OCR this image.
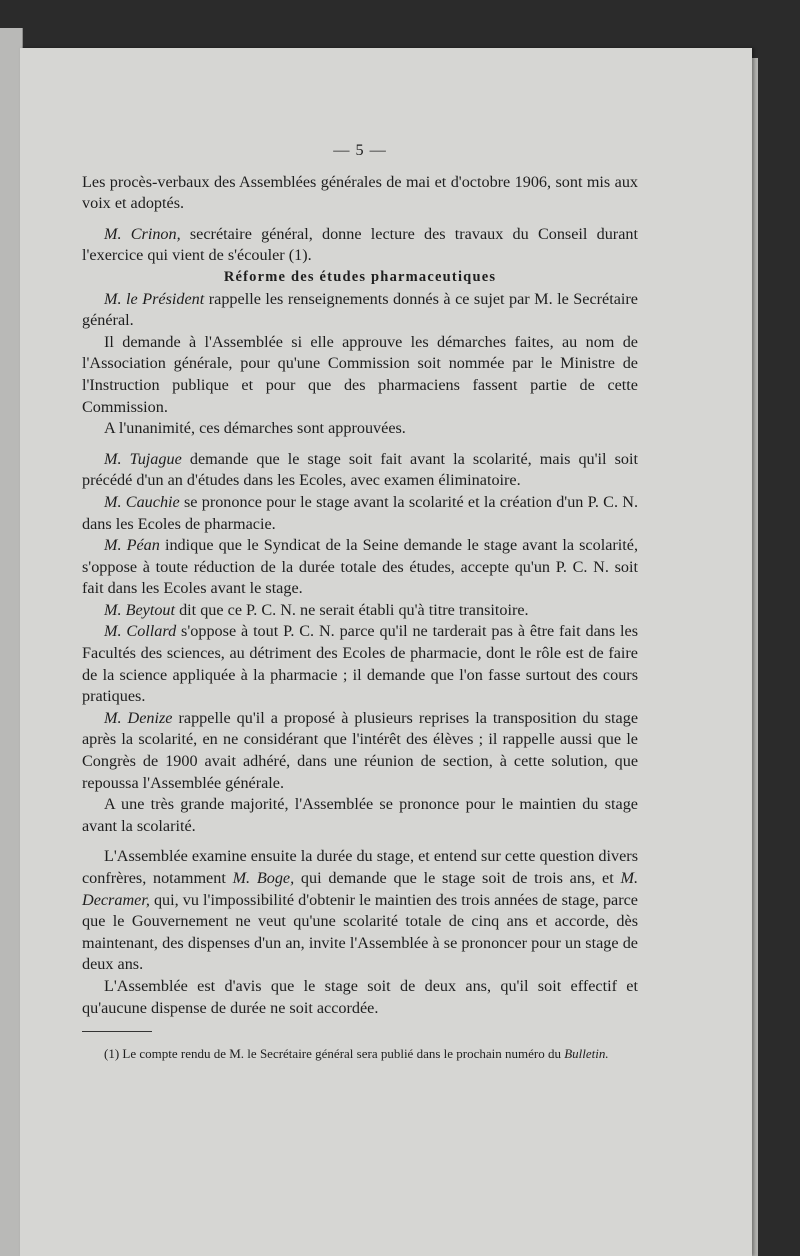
— 5 —

Les procès-verbaux des Assemblées générales de mai et d'octobre 1906, sont mis aux voix et adoptés.

M. Crinon, secrétaire général, donne lecture des travaux du Conseil durant l'exercice qui vient de s'écouler (1).

Réforme des études pharmaceutiques

M. le Président rappelle les renseignements donnés à ce sujet par M. le Secrétaire général.

Il demande à l'Assemblée si elle approuve les démarches faites, au nom de l'Association générale, pour qu'une Commission soit nommée par le Ministre de l'Instruction publique et pour que des pharmaciens fassent partie de cette Commission.

A l'unanimité, ces démarches sont approuvées.

M. Tujague demande que le stage soit fait avant la scolarité, mais qu'il soit précédé d'un an d'études dans les Ecoles, avec examen éliminatoire.

M. Cauchie se prononce pour le stage avant la scolarité et la création d'un P. C. N. dans les Ecoles de pharmacie.

M. Péan indique que le Syndicat de la Seine demande le stage avant la scolarité, s'oppose à toute réduction de la durée totale des études, accepte qu'un P. C. N. soit fait dans les Ecoles avant le stage.

M. Beytout dit que ce P. C. N. ne serait établi qu'à titre transitoire.

M. Collard s'oppose à tout P. C. N. parce qu'il ne tarderait pas à être fait dans les Facultés des sciences, au détriment des Ecoles de pharmacie, dont le rôle est de faire de la science appliquée à la pharmacie ; il demande que l'on fasse surtout des cours pratiques.

M. Denize rappelle qu'il a proposé à plusieurs reprises la transposition du stage après la scolarité, en ne considérant que l'intérêt des élèves ; il rappelle aussi que le Congrès de 1900 avait adhéré, dans une réunion de section, à cette solution, que repoussa l'Assemblée générale.

A une très grande majorité, l'Assemblée se prononce pour le maintien du stage avant la scolarité.

L'Assemblée examine ensuite la durée du stage, et entend sur cette question divers confrères, notamment M. Boge, qui demande que le stage soit de trois ans, et M. Decramer, qui, vu l'impossibilité d'obtenir le maintien des trois années de stage, parce que le Gouvernement ne veut qu'une scolarité totale de cinq ans et accorde, dès maintenant, des dispenses d'un an, invite l'Assemblée à se prononcer pour un stage de deux ans.

L'Assemblée est d'avis que le stage soit de deux ans, qu'il soit effectif et qu'aucune dispense de durée ne soit accordée.

(1) Le compte rendu de M. le Secrétaire général sera publié dans le prochain numéro du Bulletin.
